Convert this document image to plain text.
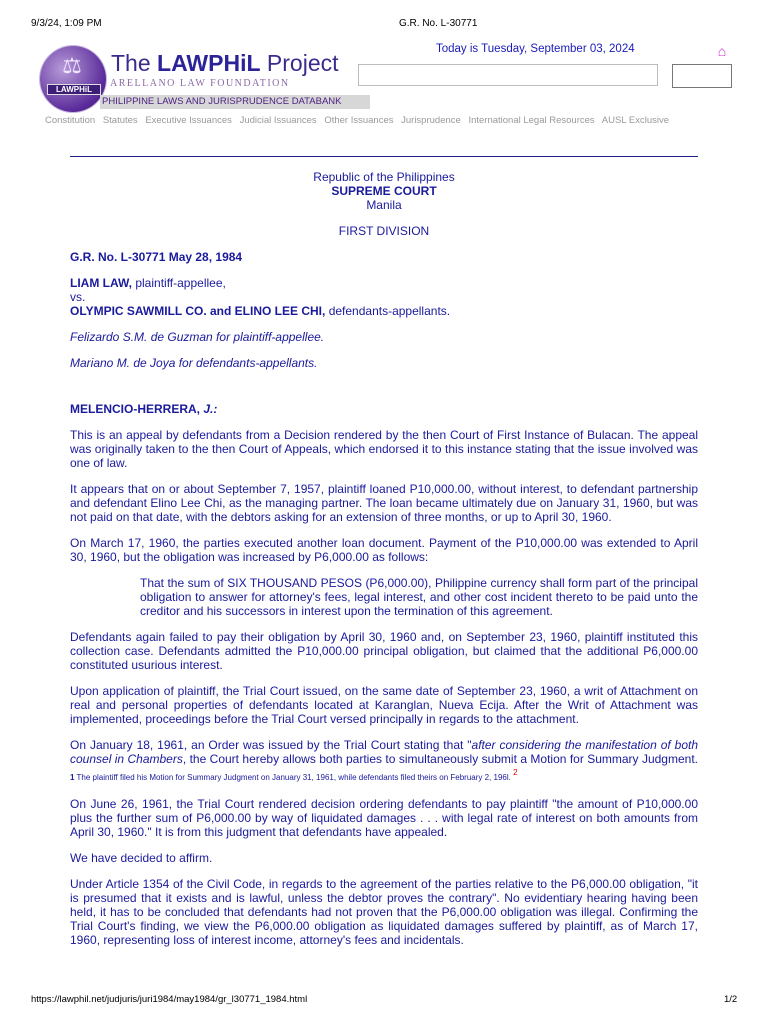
9/3/24, 1:09 PM	G.R. No. L-30771
⚖
LAWPHiL
The LAWPHiL Project
ARELLANO LAW FOUNDATION
PHILIPPINE LAWS AND JURISPRUDENCE DATABANK
Today is Tuesday, September 03, 2024	⌂
Constitution Statutes Executive Issuances Judicial Issuances Other Issuances Jurisprudence International Legal Resources AUSL Exclusive
Republic of the Philippines
SUPREME COURT
Manila
FIRST DIVISION
G.R. No. L-30771 May 28, 1984
LIAM LAW, plaintiff-appellee,
vs.
OLYMPIC SAWMILL CO. and ELINO LEE CHI, defendants-appellants.
Felizardo S.M. de Guzman for plaintiff-appellee.
Mariano M. de Joya for defendants-appellants.
MELENCIO-HERRERA, J.:

This is an appeal by defendants from a Decision rendered by the then Court of First Instance of Bulacan. The appeal was originally taken to the then Court of Appeals, which endorsed it to this instance stating that the issue involved was one of law.

It appears that on or about September 7, 1957, plaintiff loaned P10,000.00, without interest, to defendant partnership and defendant Elino Lee Chi, as the managing partner. The loan became ultimately due on January 31, 1960, but was not paid on that date, with the debtors asking for an extension of three months, or up to April 30, 1960.

On March 17, 1960, the parties executed another loan document. Payment of the P10,000.00 was extended to April 30, 1960, but the obligation was increased by P6,000.00 as follows:

That the sum of SIX THOUSAND PESOS (P6,000.00), Philippine currency shall form part of the principal obligation to answer for attorney's fees, legal interest, and other cost incident thereto to be paid unto the creditor and his successors in interest upon the termination of this agreement.

Defendants again failed to pay their obligation by April 30, 1960 and, on September 23, 1960, plaintiff instituted this collection case. Defendants admitted the P10,000.00 principal obligation, but claimed that the additional P6,000.00 constituted usurious interest.

Upon application of plaintiff, the Trial Court issued, on the same date of September 23, 1960, a writ of Attachment on real and personal properties of defendants located at Karanglan, Nueva Ecija. After the Writ of Attachment was implemented, proceedings before the Trial Court versed principally in regards to the attachment.

On January 18, 1961, an Order was issued by the Trial Court stating that "after considering the manifestation of both counsel in Chambers, the Court hereby allows both parties to simultaneously submit a Motion for Summary Judgment. 1 The plaintiff filed his Motion for Summary Judgment on January 31, 1961, while defendants filed theirs on February 2, 196l. $^2$

On June 26, 1961, the Trial Court rendered decision ordering defendants to pay plaintiff "the amount of P10,000.00 plus the further sum of P6,000.00 by way of liquidated damages . . . with legal rate of interest on both amounts from April 30, 1960." It is from this judgment that defendants have appealed.

We have decided to affirm.

Under Article 1354 of the Civil Code, in regards to the agreement of the parties relative to the P6,000.00 obligation, "it is presumed that it exists and is lawful, unless the debtor proves the contrary". No evidentiary hearing having been held, it has to be concluded that defendants had not proven that the P6,000.00 obligation was illegal. Confirming the Trial Court's finding, we view the P6,000.00 obligation as liquidated damages suffered by plaintiff, as of March 17, 1960, representing loss of interest income, attorney's fees and incidentals.

https://lawphil.net/judjuris/juri1984/may1984/gr_l30771_1984.html	1/2
